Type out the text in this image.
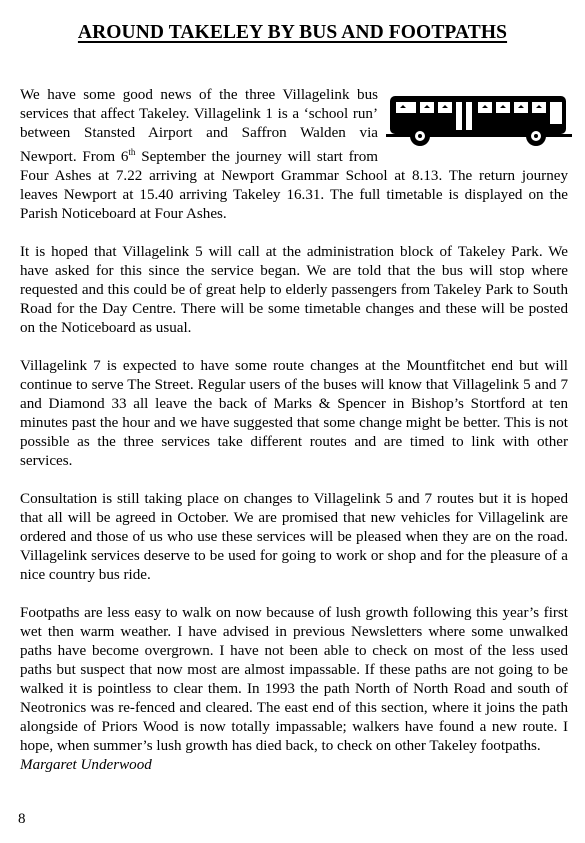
AROUND TAKELEY BY BUS AND FOOTPATHS

We have some good news of the three Villagelink bus services that affect Takeley. Villagelink 1 is a ‘school run’ between Stansted Airport and Saffron Walden via Newport. From 6th September the journey will start from Four Ashes at 7.22 arriving at Newport Grammar School at 8.13. The return journey leaves Newport at 15.40 arriving Takeley 16.31. The full timetable is displayed on the Parish Noticeboard at Four Ashes.

It is hoped that Villagelink 5 will call at the administration block of Takeley Park. We have asked for this since the service began. We are told that the bus will stop where requested and this could be of great help to elderly passengers from Takeley Park to South Road for the Day Centre. There will be some timetable changes and these will be posted on the Noticeboard as usual.

Villagelink 7 is expected to have some route changes at the Mountfitchet end but will continue to serve The Street. Regular users of the buses will know that Villagelink 5 and 7 and Diamond 33 all leave the back of Marks & Spencer in Bishop’s Stortford at ten minutes past the hour and we have suggested that some change might be better. This is not possible as the three services take different routes and are timed to link with other services.

Consultation is still taking place on changes to Villagelink 5 and 7 routes but it is hoped that all will be agreed in October. We are promised that new vehicles for Villagelink are ordered and those of us who use these services will be pleased when they are on the road. Villagelink services deserve to be used for going to work or shop and for the pleasure of a nice country bus ride.

Footpaths are less easy to walk on now because of lush growth following this year’s first wet then warm weather. I have advised in previous Newsletters where some unwalked paths have become overgrown. I have not been able to check on most of the less used paths but suspect that now most are almost impassable. If these paths are not going to be walked it is pointless to clear them. In 1993 the path North of North Road and south of Neotronics was re-fenced and cleared. The east end of this section, where it joins the path alongside of Priors Wood is now totally impassable; walkers have found a new route. I hope, when summer’s lush growth has died back, to check on other Takeley footpaths.
Margaret Underwood

8
